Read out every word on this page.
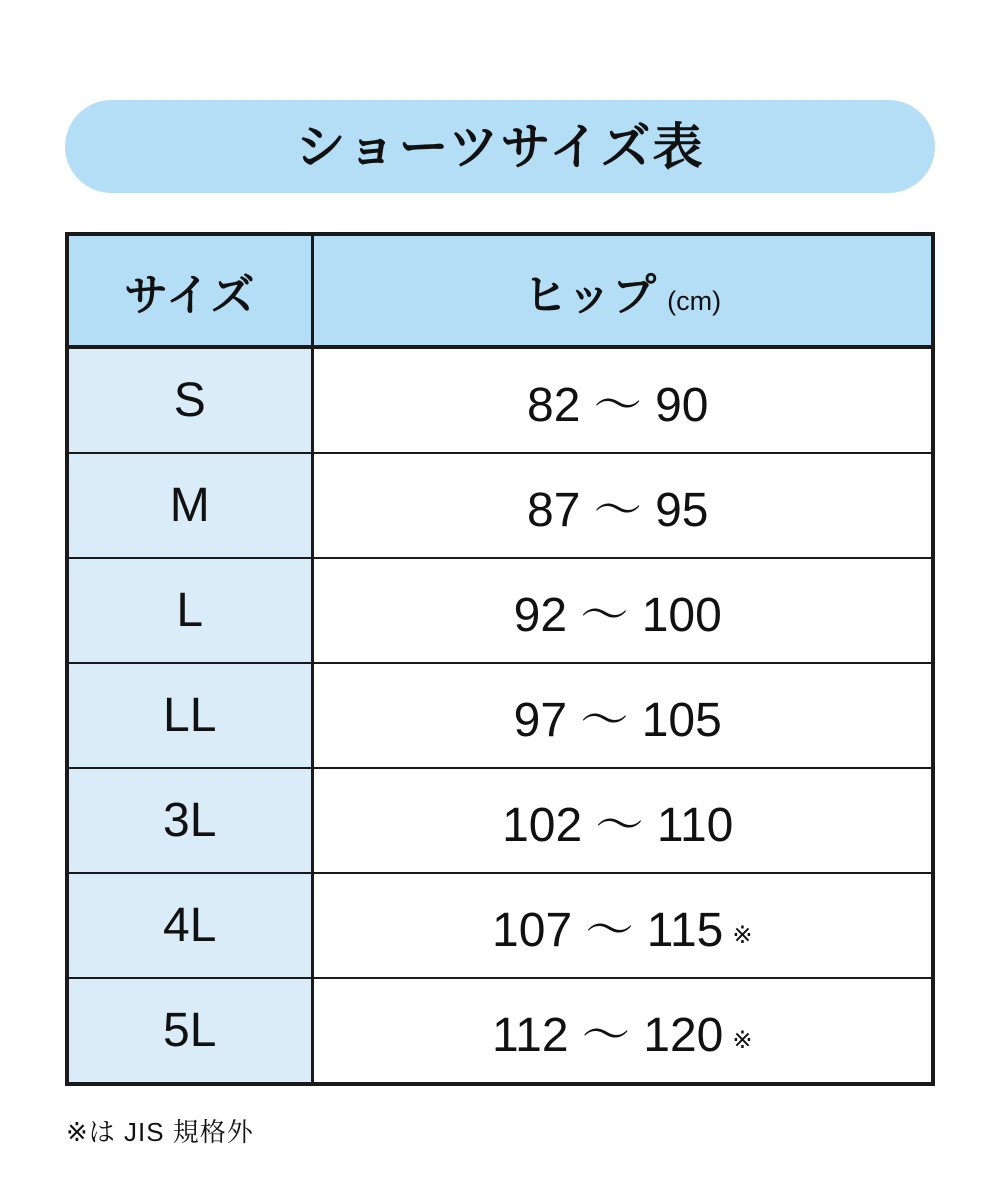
ショーツサイズ表
サイズ	ヒップ (cm)
S	82 〜 90
M	87 〜 95
L	92 〜 100
LL	97 〜 105
3L	102 〜 110
4L	107 〜 115 ※
5L	112 〜 120 ※
※は JIS 規格外
